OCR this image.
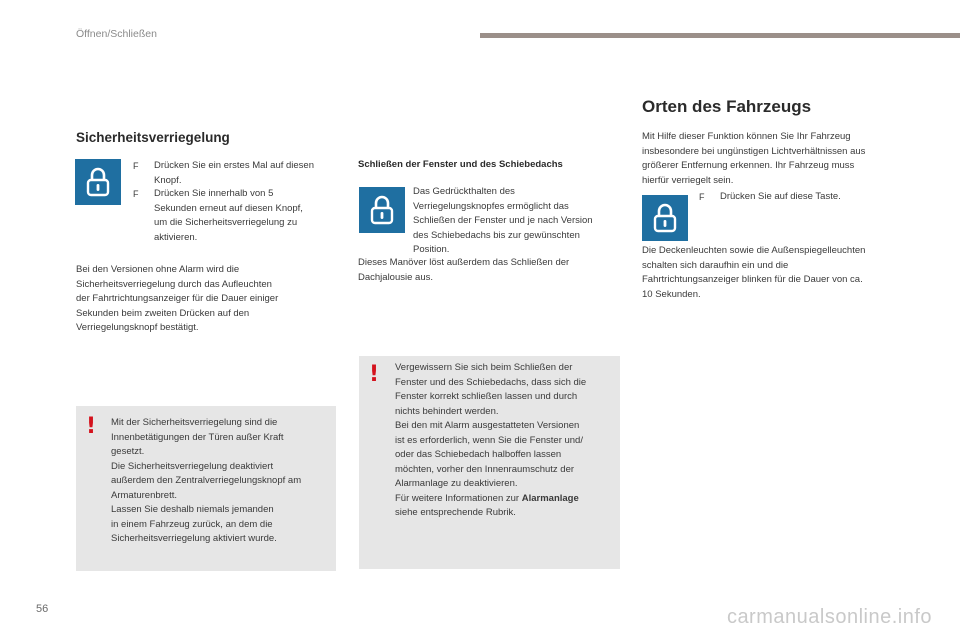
Öffnen/Schließen
Sicherheitsverriegelung
F Drücken Sie ein erstes Mal auf diesen
Knopf.
F Drücken Sie innerhalb von 5
Sekunden erneut auf diesen Knopf,
um die Sicherheitsverriegelung zu
aktivieren.
Bei den Versionen ohne Alarm wird die
Sicherheitsverriegelung durch das Aufleuchten
der Fahrtrichtungsanzeiger für die Dauer einiger
Sekunden beim zweiten Drücken auf den
Verriegelungsknopf bestätigt.
! Mit der Sicherheitsverriegelung sind die
Innenbetätigungen der Türen außer Kraft
gesetzt.
Die Sicherheitsverriegelung deaktiviert
außerdem den Zentralverriegelungsknopf am
Armaturenbrett.
Lassen Sie deshalb niemals jemanden
in einem Fahrzeug zurück, an dem die
Sicherheitsverriegelung aktiviert wurde.
Schließen der Fenster und des Schiebedachs
Das Gedrückthalten des
Verriegelungsknopfes ermöglicht das
Schließen der Fenster und je nach Version
des Schiebedachs bis zur gewünschten
Position.
Dieses Manöver löst außerdem das Schließen der
Dachjalousie aus.
! Vergewissern Sie sich beim Schließen der
Fenster und des Schiebedachs, dass sich die
Fenster korrekt schließen lassen und durch
nichts behindert werden.
Bei den mit Alarm ausgestatteten Versionen
ist es erforderlich, wenn Sie die Fenster und/
oder das Schiebedach halboffen lassen
möchten, vorher den Innenraumschutz der
Alarmanlage zu deaktivieren.
Für weitere Informationen zur Alarmanlage
siehe entsprechende Rubrik.
Orten des Fahrzeugs
Mit Hilfe dieser Funktion können Sie Ihr Fahrzeug
insbesondere bei ungünstigen Lichtverhältnissen aus
größerer Entfernung erkennen. Ihr Fahrzeug muss
hierfür verriegelt sein.
F Drücken Sie auf diese Taste.
Die Deckenleuchten sowie die Außenspiegelleuchten
schalten sich daraufhin ein und die
Fahrtrichtungsanzeiger blinken für die Dauer von ca.
10 Sekunden.
56	carmanualsonline.info
